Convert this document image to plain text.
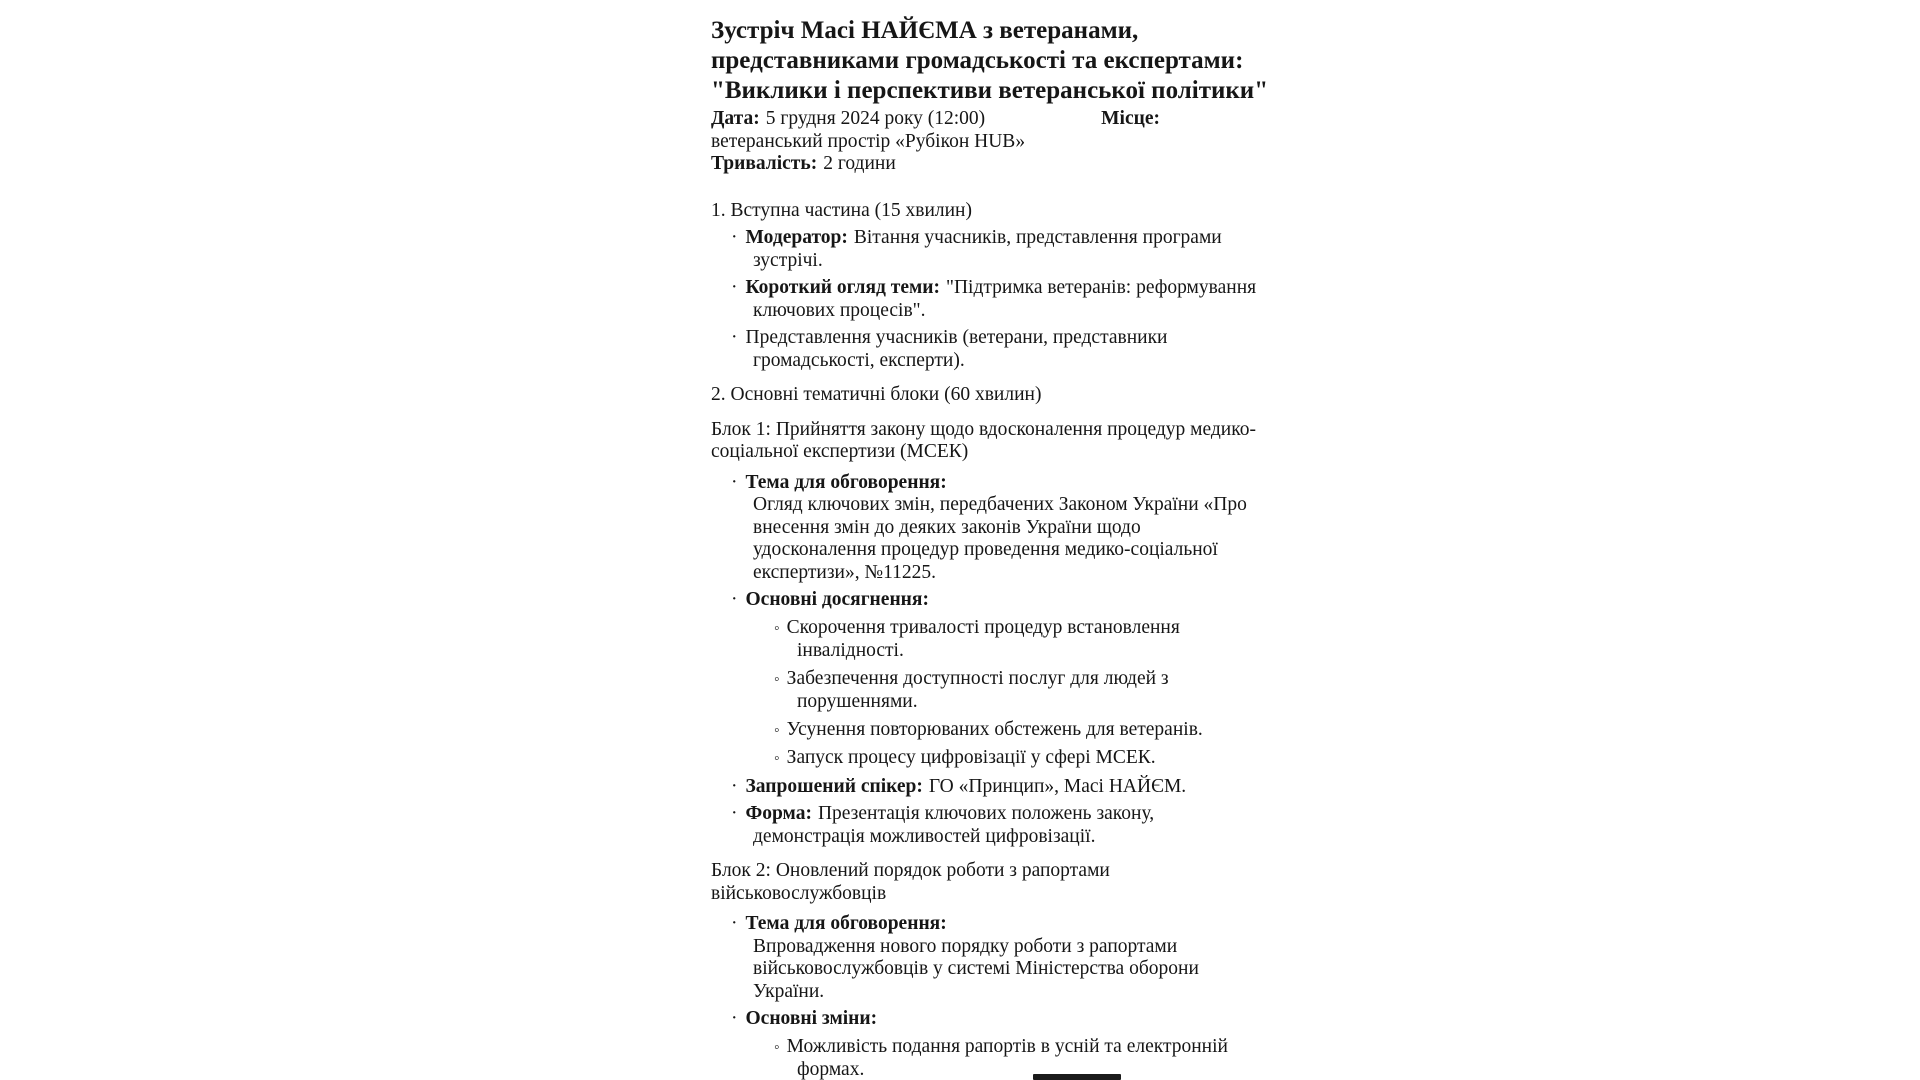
Зустріч Масі НАЙЄМА з ветеранами,
представниками громадськості та експертами:
"Виклики і перспективи ветеранської політики"

Дата: 5 грудня 2024 року (12:00)	Місце:

ветеранський простір «Рубікон HUB»

Тривалість: 2 години

1. Вступна частина (15 хвилин)

· Модератор: Вітання учасників, представлення програми зустрічі.

· Короткий огляд теми: "Підтримка ветеранів: реформування ключових процесів".

· Представлення учасників (ветерани, представники громадськості, експерти).

2. Основні тематичні блоки (60 хвилин)

Блок 1: Прийняття закону щодо вдосконалення процедур медико-соціальної експертизи (МСЕК)

· Тема для обговорення:

Огляд ключових змін, передбачених Законом України «Про внесення змін до деяких законів України щодо удосконалення процедур проведення медико-соціальної експертизи», №11225.

· Основні досягнення:

◦ Скорочення тривалості процедур встановлення інвалідності.

◦ Забезпечення доступності послуг для людей з порушеннями.

◦ Усунення повторюваних обстежень для ветеранів.

◦ Запуск процесу цифровізації у сфері МСЕК.

· Запрошений спікер: ГО «Принцип», Масі НАЙЄМ.

· Форма: Презентація ключових положень закону, демонстрація можливостей цифровізації.

Блок 2: Оновлений порядок роботи з рапортами військовослужбовців

· Тема для обговорення:

Впровадження нового порядку роботи з рапортами військовослужбовців у системі Міністерства оборони України.

· Основні зміни:

◦ Можливість подання рапортів в усній та електронній формах.
